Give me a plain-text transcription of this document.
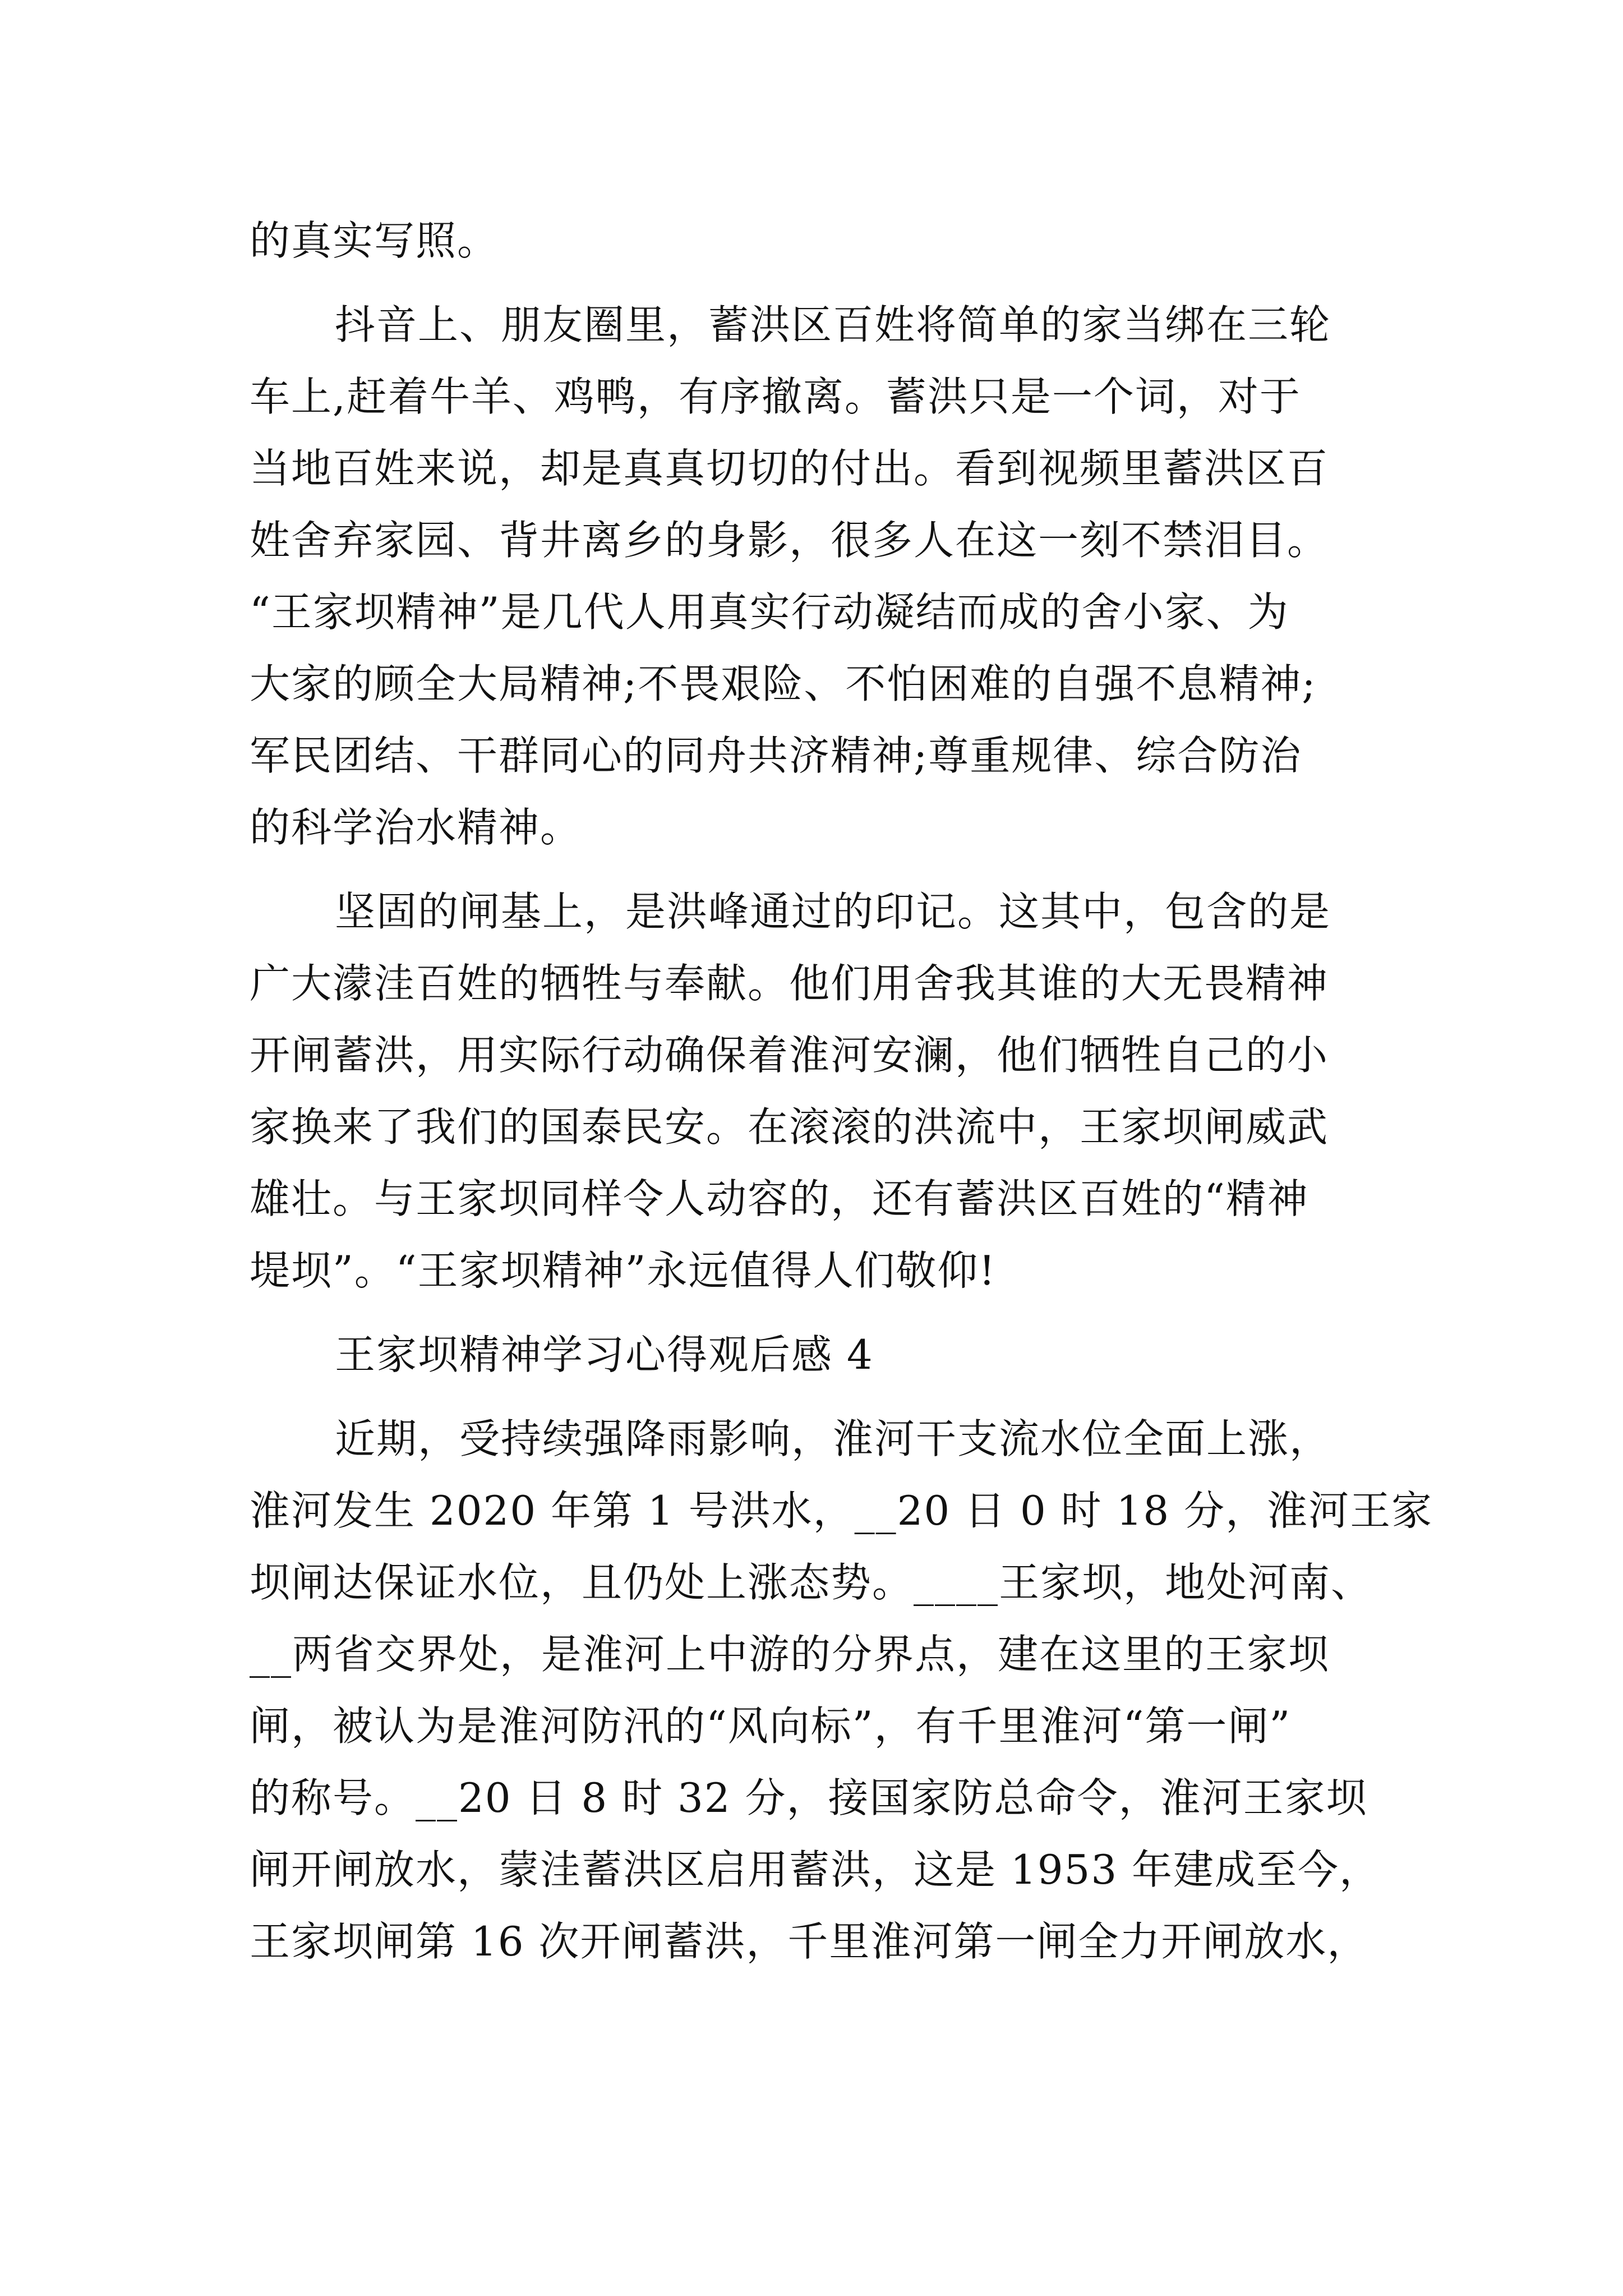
的真实写照。
抖音上、朋友圈里，蓄洪区百姓将简单的家当绑在三轮
车上,赶着牛羊、鸡鸭，有序撤离。蓄洪只是一个词，对于
当地百姓来说，却是真真切切的付出。看到视频里蓄洪区百
姓舍弃家园、背井离乡的身影，很多人在这一刻不禁泪目。
“王家坝精神”是几代人用真实行动凝结而成的舍小家、为
大家的顾全大局精神;不畏艰险、不怕困难的自强不息精神;
军民团结、干群同心的同舟共济精神;尊重规律、综合防治
的科学治水精神。
坚固的闸基上，是洪峰通过的印记。这其中，包含的是
广大濛洼百姓的牺牲与奉献。他们用舍我其谁的大无畏精神
开闸蓄洪，用实际行动确保着淮河安澜，他们牺牲自己的小
家换来了我们的国泰民安。在滚滚的洪流中，王家坝闸威武
雄壮。与王家坝同样令人动容的，还有蓄洪区百姓的“精神
堤坝”。“王家坝精神”永远值得人们敬仰!
王家坝精神学习心得观后感 4
近期，受持续强降雨影响，淮河干支流水位全面上涨，
淮河发生 2020 年第 1 号洪水，__20 日 0 时 18 分，淮河王家
坝闸达保证水位，且仍处上涨态势。____王家坝，地处河南、
__两省交界处，是淮河上中游的分界点，建在这里的王家坝
闸，被认为是淮河防汛的“风向标”，有千里淮河“第一闸”
的称号。__20 日 8 时 32 分，接国家防总命令，淮河王家坝
闸开闸放水，蒙洼蓄洪区启用蓄洪，这是 1953 年建成至今，
王家坝闸第 16 次开闸蓄洪，千里淮河第一闸全力开闸放水，
